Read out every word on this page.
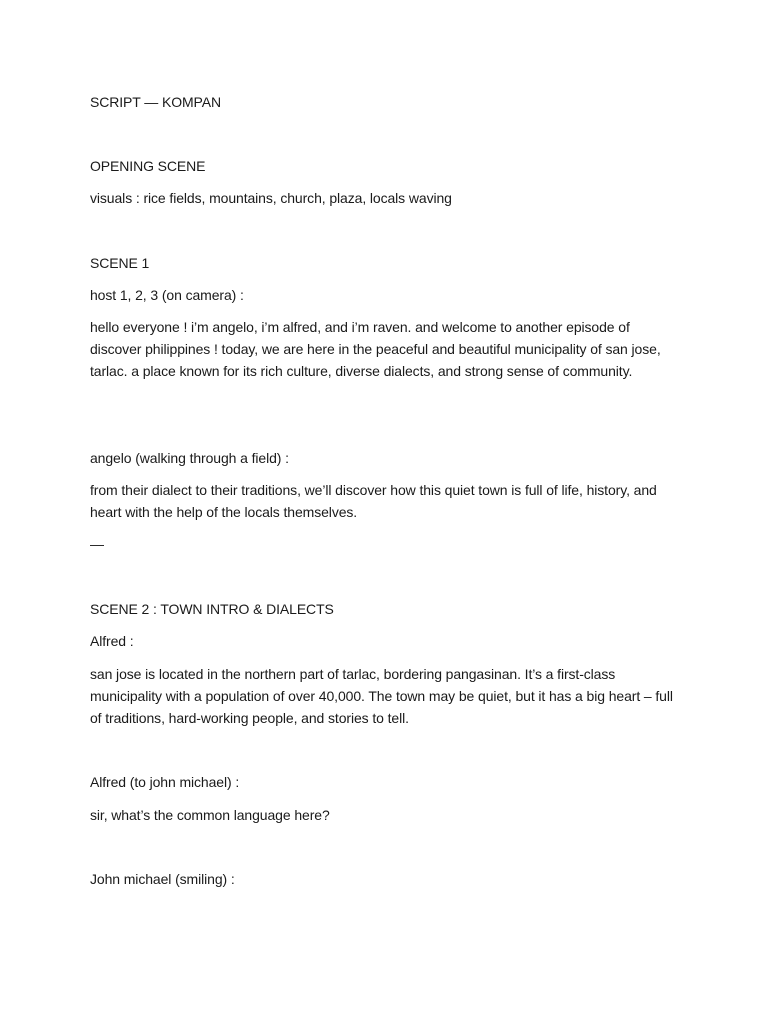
SCRIPT — KOMPAN

OPENING SCENE

visuals : rice fields, mountains, church, plaza, locals waving

SCENE 1

host 1, 2, 3 (on camera) :

hello everyone ! i’m angelo, i’m alfred, and i’m raven. and welcome to another episode of discover philippines ! today, we are here in the peaceful and beautiful municipality of san jose, tarlac. a place known for its rich culture, diverse dialects, and strong sense of community.

angelo (walking through a field) :

from their dialect to their traditions, we’ll discover how this quiet town is full of life, history, and heart with the help of the locals themselves.

—

SCENE 2 : TOWN INTRO & DIALECTS

Alfred :

san jose is located in the northern part of tarlac, bordering pangasinan. It’s a first-class municipality with a population of over 40,000. The town may be quiet, but it has a big heart – full of traditions, hard-working people, and stories to tell.

Alfred (to john michael) :

sir, what’s the common language here?

John michael (smiling) :
